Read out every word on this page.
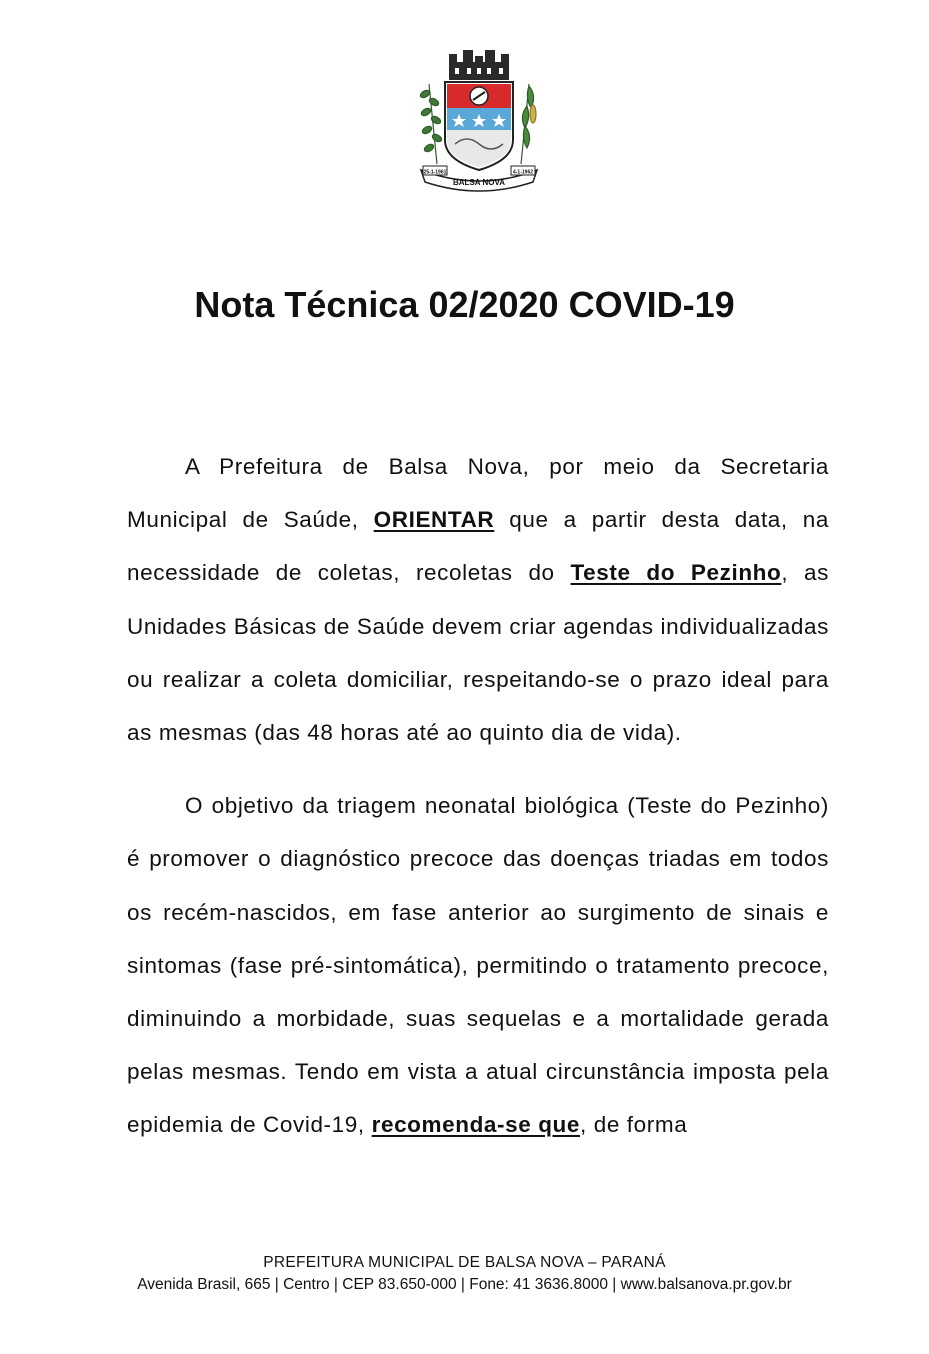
25-1-1961	4-1-1962
BALSA NOVA
Nota Técnica 02/2020 COVID-19

A Prefeitura de Balsa Nova, por meio da Secretaria Municipal de Saúde, ORIENTAR que a partir desta data, na necessidade de coletas, recoletas do Teste do Pezinho, as Unidades Básicas de Saúde devem criar agendas individualizadas ou realizar a coleta domiciliar, respeitando-se o prazo ideal para as mesmas (das 48 horas até ao quinto dia de vida).

O objetivo da triagem neonatal biológica (Teste do Pezinho) é promover o diagnóstico precoce das doenças triadas em todos os recém-nascidos, em fase anterior ao surgimento de sinais e sintomas (fase pré-sintomática), permitindo o tratamento precoce, diminuindo a morbidade, suas sequelas e a mortalidade gerada pelas mesmas. Tendo em vista a atual circunstância imposta pela epidemia de Covid-19, recomenda-se que, de forma

PREFEITURA MUNICIPAL DE BALSA NOVA – PARANÁ
Avenida Brasil, 665 | Centro | CEP 83.650-000 | Fone: 41 3636.8000 | www.balsanova.pr.gov.br
